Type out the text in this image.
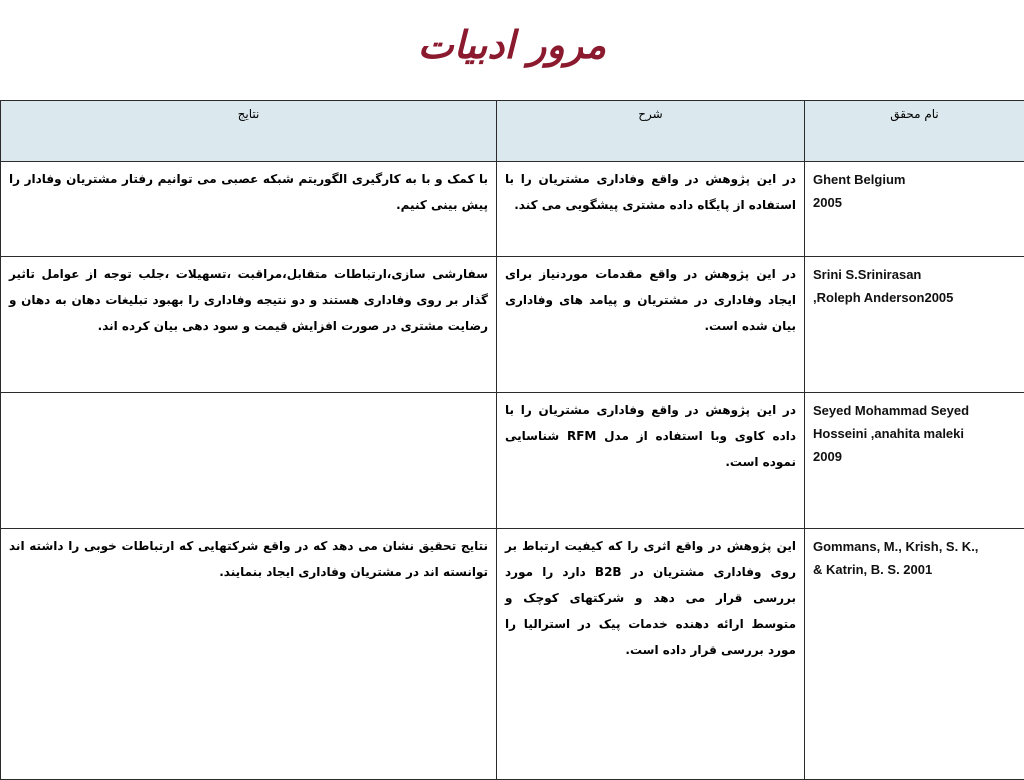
مرور ادبیات
نام محقق	شرح	نتایج

Ghent Belgium
2005	در این پژوهش در واقع وفاداری مشتریان را با استفاده از پایگاه داده مشتری پیشگویی می کند.	با کمک و با به کارگیری الگوریتم شبکه عصبی می توانیم رفتار مشتریان وفادار را پیش بینی کنیم.

Srini S.Srinirasan
,Roleph Anderson2005	در این پژوهش در واقع مقدمات موردنیاز برای ایجاد وفاداری در مشتریان و پیامد های وفاداری بیان شده است.	سفارشی سازی،ارتباطات متقابل،مراقبت ،تسهیلات ،جلب توجه از عوامل تاثیر گذار بر روی وفاداری هستند و دو نتیجه وفاداری را بهبود تبلیغات دهان به دهان و رضایت مشتری در صورت افزایش قیمت و سود دهی بیان کرده اند.

Seyed Mohammad Seyed
Hosseini ,anahita maleki
2009	در این پژوهش در واقع وفاداری مشتریان را با داده کاوی وبا استفاده از مدل RFM شناسایی نموده است.	

Gommans, M., Krish, S. K.,
& Katrin, B. S. 2001	این پژوهش در واقع اثری را که کیفیت ارتباط بر روی وفاداری مشتریان در B2B دارد را مورد بررسی قرار می دهد و شرکتهای کوچک و متوسط ارائه دهنده خدمات پیک در استرالیا را مورد بررسی قرار داده است.	نتایج تحقیق نشان می دهد که در واقع شرکتهایی که ارتباطات خوبی را داشته اند توانسته اند در مشتریان وفاداری ایجاد بنمایند.
